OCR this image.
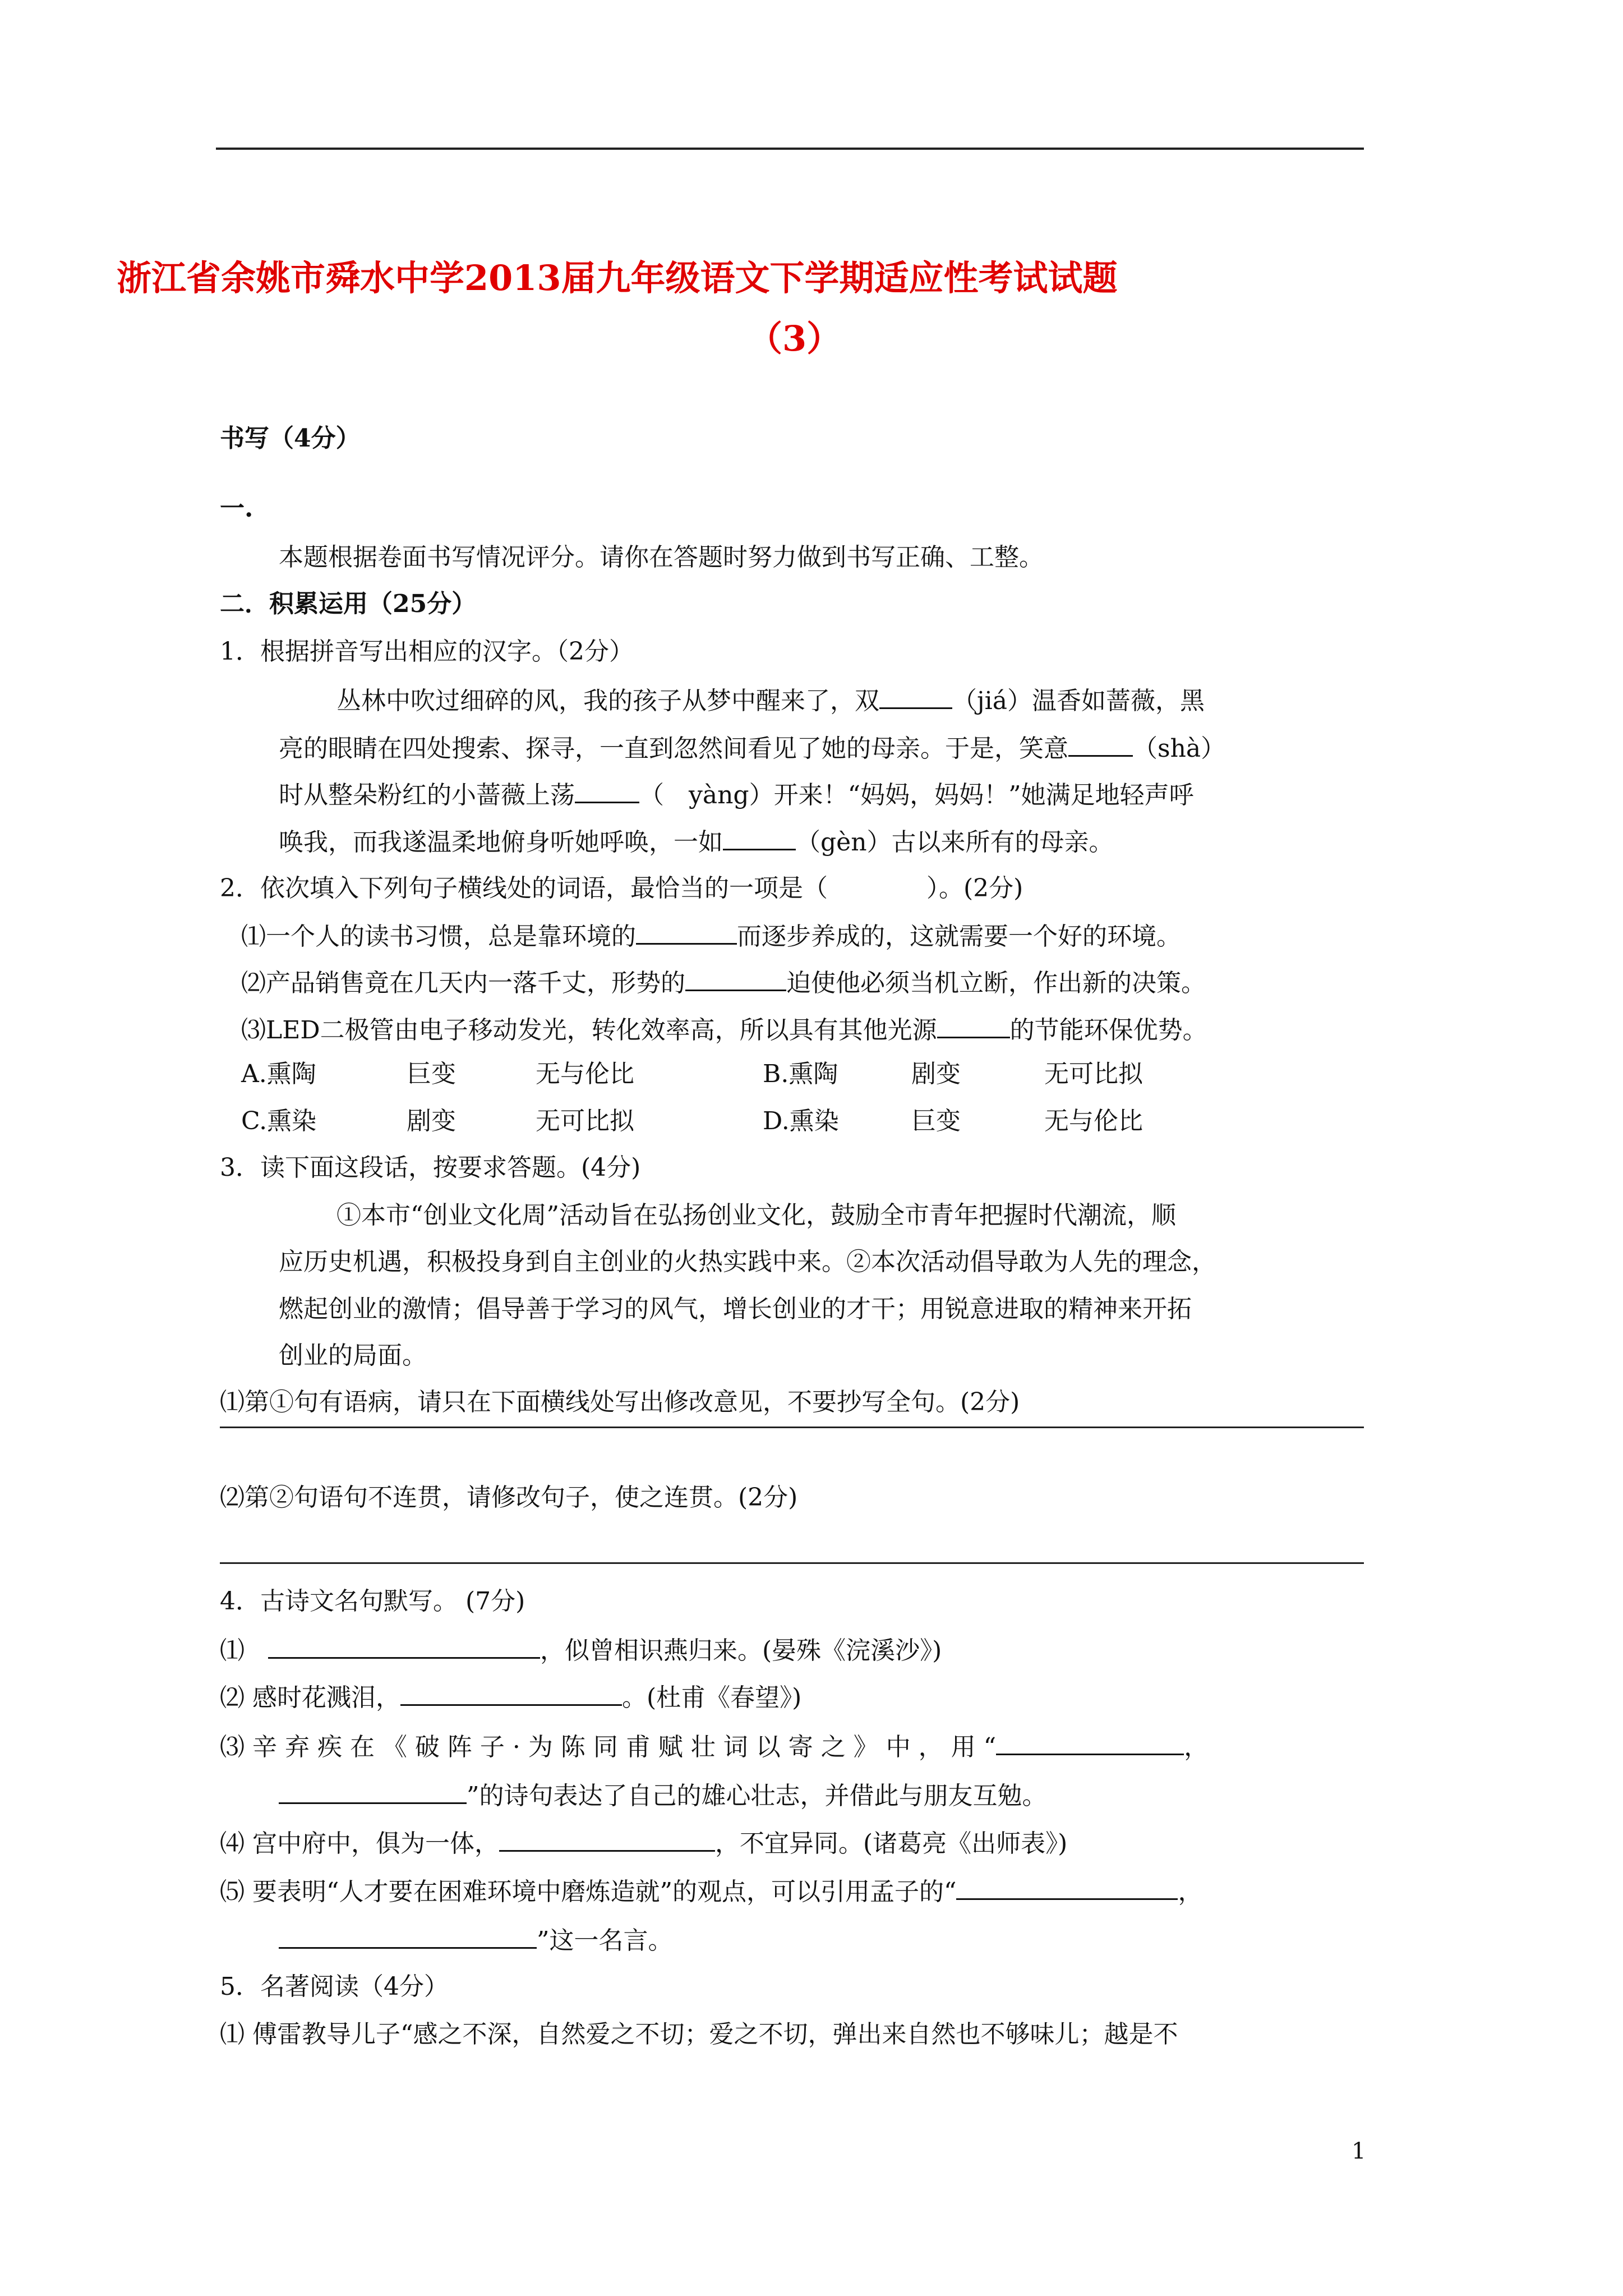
浙江省余姚市舜水中学2013届九年级语文下学期适应性考试试题
（3）
书写（4分）
一.
本题根据卷面书写情况评分。请你在答题时努力做到书写正确、工整。
二．积累运用（25分）
1．根据拼音写出相应的汉字。（2分）
丛林中吹过细碎的风，我的孩子从梦中醒来了，双	（jiá）温香如蔷薇，黑
亮的眼睛在四处搜索、探寻，一直到忽然间看见了她的母亲。于是，笑意	（shà）
时从整朵粉红的小蔷薇上荡	（　yàng）开来！“妈妈，妈妈！”她满足地轻声呼
唤我，而我遂温柔地俯身听她呼唤，一如	（gèn）古以来所有的母亲。
2．依次填入下列句子横线处的词语，最恰当的一项是（　　　　）。(2分)
⑴一个人的读书习惯，总是靠环境的	而逐步养成的，这就需要一个好的环境。
⑵产品销售竟在几天内一落千丈，形势的	迫使他必须当机立断，作出新的决策。
⑶LED二极管由电子移动发光，转化效率高，所以具有其他光源	的节能环保优势。
A.熏陶	巨变	无与伦比	B.熏陶	剧变	无可比拟
C.熏染	剧变	无可比拟	D.熏染	巨变	无与伦比
3．读下面这段话，按要求答题。(4分)
①本市“创业文化周”活动旨在弘扬创业文化，鼓励全市青年把握时代潮流，顺
应历史机遇，积极投身到自主创业的火热实践中来。②本次活动倡导敢为人先的理念，
燃起创业的激情；倡导善于学习的风气，增长创业的才干；用锐意进取的精神来开拓
创业的局面。
⑴第①句有语病，请只在下面横线处写出修改意见，不要抄写全句。(2分)
⑵第②句语句不连贯，请修改句子，使之连贯。(2分)
4．古诗文名句默写。 (7分)
⑴	，似曾相识燕归来。(晏殊《浣溪沙》)
⑵ 感时花溅泪，	。(杜甫《春望》)
⑶ 辛 弃 疾 在 《 破 阵 子 · 为 陈 同 甫 赋 壮 词 以 寄 之 》 中 ， 用 “	，
”的诗句表达了自己的雄心壮志，并借此与朋友互勉。
⑷ 宫中府中，俱为一体，	，不宜异同。(诸葛亮《出师表》)
⑸ 要表明“人才要在困难环境中磨炼造就”的观点，可以引用孟子的“	，
”这一名言。
5．名著阅读（4分）
⑴ 傅雷教导儿子“感之不深，自然爱之不切；爱之不切，弹出来自然也不够味儿；越是不
1
